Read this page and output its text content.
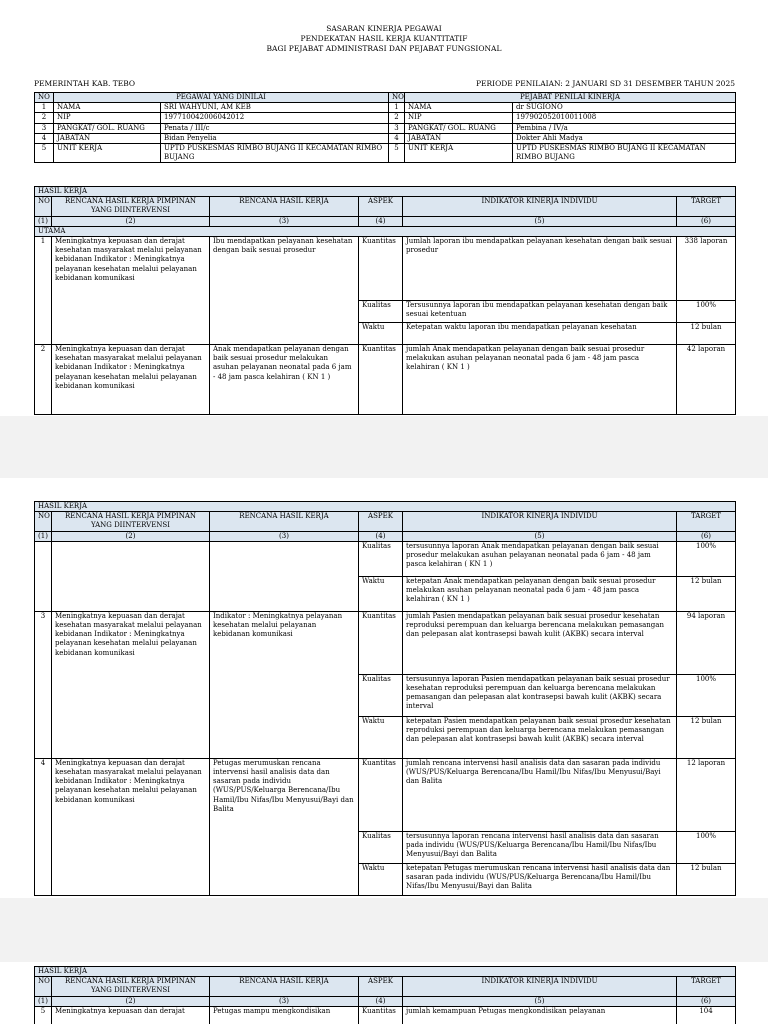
SASARAN KINERJA PEGAWAI
PENDEKATAN HASIL KERJA KUANTITATIF
BAGI PEJABAT ADMINISTRASI DAN PEJABAT FUNGSIONAL
PEMERINTAH KAB. TEBO	PERIODE PENILAIAN: 2 JANUARI SD 31 DESEMBER TAHUN 2025
NO	PEGAWAI YANG DINILAI		NO	PEJABAT PENILAI KINERJA	
1	NAMA	SRI WAHYUNI, AM KEB	1	NAMA	dr SUGIONO
2	NIP	197710042006042012	2	NIP	197902052010011008
3	PANGKAT/ GOL. RUANG	Penata / III/c	3	PANGKAT/ GOL. RUANG	Pembina / IV/a
4	JABATAN	Bidan Penyelia	4	JABATAN	Dokter Ahli Madya
5	UNIT KERJA	UPTD PUSKESMAS RIMBO BUJANG II KECAMATAN RIMBO BUJANG	5	UNIT KERJA	UPTD PUSKESMAS RIMBO BUJANG II KECAMATAN RIMBO BUJANG
HASIL KERJA					
NO	RENCANA HASIL KERJA PIMPINAN YANG DIINTERVENSI	RENCANA HASIL KERJA	ASPEK	INDIKATOR KINERJA INDIVIDU	TARGET
(1)	(2)	(3)	(4)	(5)	(6)
UTAMA					
1	Meningkatnya kepuasan dan derajat kesehatan masyarakat melalui pelayanan kebidanan Indikator : Meningkatnya pelayanan kesehatan melalui pelayanan kebidanan komunikasi	Ibu mendapatkan pelayanan kesehatan dengan baik sesuai prosedur	Kuantitas	Jumlah laporan ibu mendapatkan pelayanan kesehatan dengan baik sesuai prosedur	338 laporan
			Kualitas	Tersusunnya laporan ibu mendapatkan pelayanan kesehatan dengan baik sesuai ketentuan	100%
			Waktu	Ketepatan waktu laporan ibu mendapatkan pelayanan kesehatan	12 bulan
2	Meningkatnya kepuasan dan derajat kesehatan masyarakat melalui pelayanan kebidanan Indikator : Meningkatnya pelayanan kesehatan melalui pelayanan kebidanan komunikasi	Anak mendapatkan pelayanan dengan baik sesuai prosedur melakukan asuhan pelayanan neonatal pada 6 jam - 48 jam pasca kelahiran ( KN 1 )	Kuantitas	jumlah Anak mendapatkan pelayanan dengan baik sesuai prosedur melakukan asuhan pelayanan neonatal pada 6 jam - 48 jam pasca kelahiran ( KN 1 )	42 laporan
HASIL KERJA					
NO	RENCANA HASIL KERJA PIMPINAN YANG DIINTERVENSI	RENCANA HASIL KERJA	ASPEK	INDIKATOR KINERJA INDIVIDU	TARGET
(1)	(2)	(3)	(4)	(5)	(6)
			Kualitas	tersusunnya laporan Anak mendapatkan pelayanan dengan baik sesuai prosedur melakukan asuhan pelayanan neonatal pada 6 jam - 48 jam pasca kelahiran ( KN 1 )	100%
			Waktu	ketepatan Anak mendapatkan pelayanan dengan baik sesuai prosedur melakukan asuhan pelayanan neonatal pada 6 jam - 48 jam pasca kelahiran ( KN 1 )	12 bulan
3	Meningkatnya kepuasan dan derajat kesehatan masyarakat melalui pelayanan kebidanan Indikator : Meningkatnya pelayanan kesehatan melalui pelayanan kebidanan komunikasi	Indikator : Meningkatnya pelayanan kesehatan melalui pelayanan kebidanan komunikasi	Kuantitas	jumlah Pasien mendapatkan pelayanan baik sesuai prosedur kesehatan reproduksi perempuan dan keluarga berencana melakukan pemasangan dan pelepasan alat kontrasepsi bawah kulit (AKBK) secara interval	94 laporan
			Kualitas	tersusunnya laporan Pasien mendapatkan pelayanan baik sesuai prosedur kesehatan reproduksi perempuan dan keluarga berencana melakukan pemasangan dan pelepasan alat kontrasepsi bawah kulit (AKBK) secara interval	100%
			Waktu	ketepatan Pasien mendapatkan pelayanan baik sesuai prosedur kesehatan reproduksi perempuan dan keluarga berencana melakukan pemasangan dan pelepasan alat kontrasepsi bawah kulit (AKBK) secara interval	12 bulan
4	Meningkatnya kepuasan dan derajat kesehatan masyarakat melalui pelayanan kebidanan Indikator : Meningkatnya pelayanan kesehatan melalui pelayanan kebidanan komunikasi	Petugas merumuskan rencana intervensi hasil analisis data dan sasaran pada individu (WUS/PUS/Keluarga Berencana/Ibu Hamil/Ibu Nifas/Ibu Menyusui/Bayi dan Balita	Kuantitas	jumlah rencana intervensi hasil analisis data dan sasaran pada individu (WUS/PUS/Keluarga Berencana/Ibu Hamil/Ibu Nifas/Ibu Menyusui/Bayi dan Balita	12 laporan
			Kualitas	tersusunnya laporan rencana intervensi hasil analisis data dan sasaran pada individu (WUS/PUS/Keluarga Berencana/Ibu Hamil/Ibu Nifas/Ibu Menyusui/Bayi dan Balita	100%
			Waktu	ketepatan Petugas merumuskan rencana intervensi hasil analisis data dan sasaran pada individu (WUS/PUS/Keluarga Berencana/Ibu Hamil/Ibu Nifas/Ibu Menyusui/Bayi dan Balita	12 bulan
HASIL KERJA					
NO	RENCANA HASIL KERJA PIMPINAN YANG DIINTERVENSI	RENCANA HASIL KERJA	ASPEK	INDIKATOR KINERJA INDIVIDU	TARGET
(1)	(2)	(3)	(4)	(5)	(6)
5	Meningkatnya kepuasan dan derajat	Petugas mampu mengkondisikan	Kuantitas	jumlah kemampuan Petugas mengkondisikan pelayanan	104
